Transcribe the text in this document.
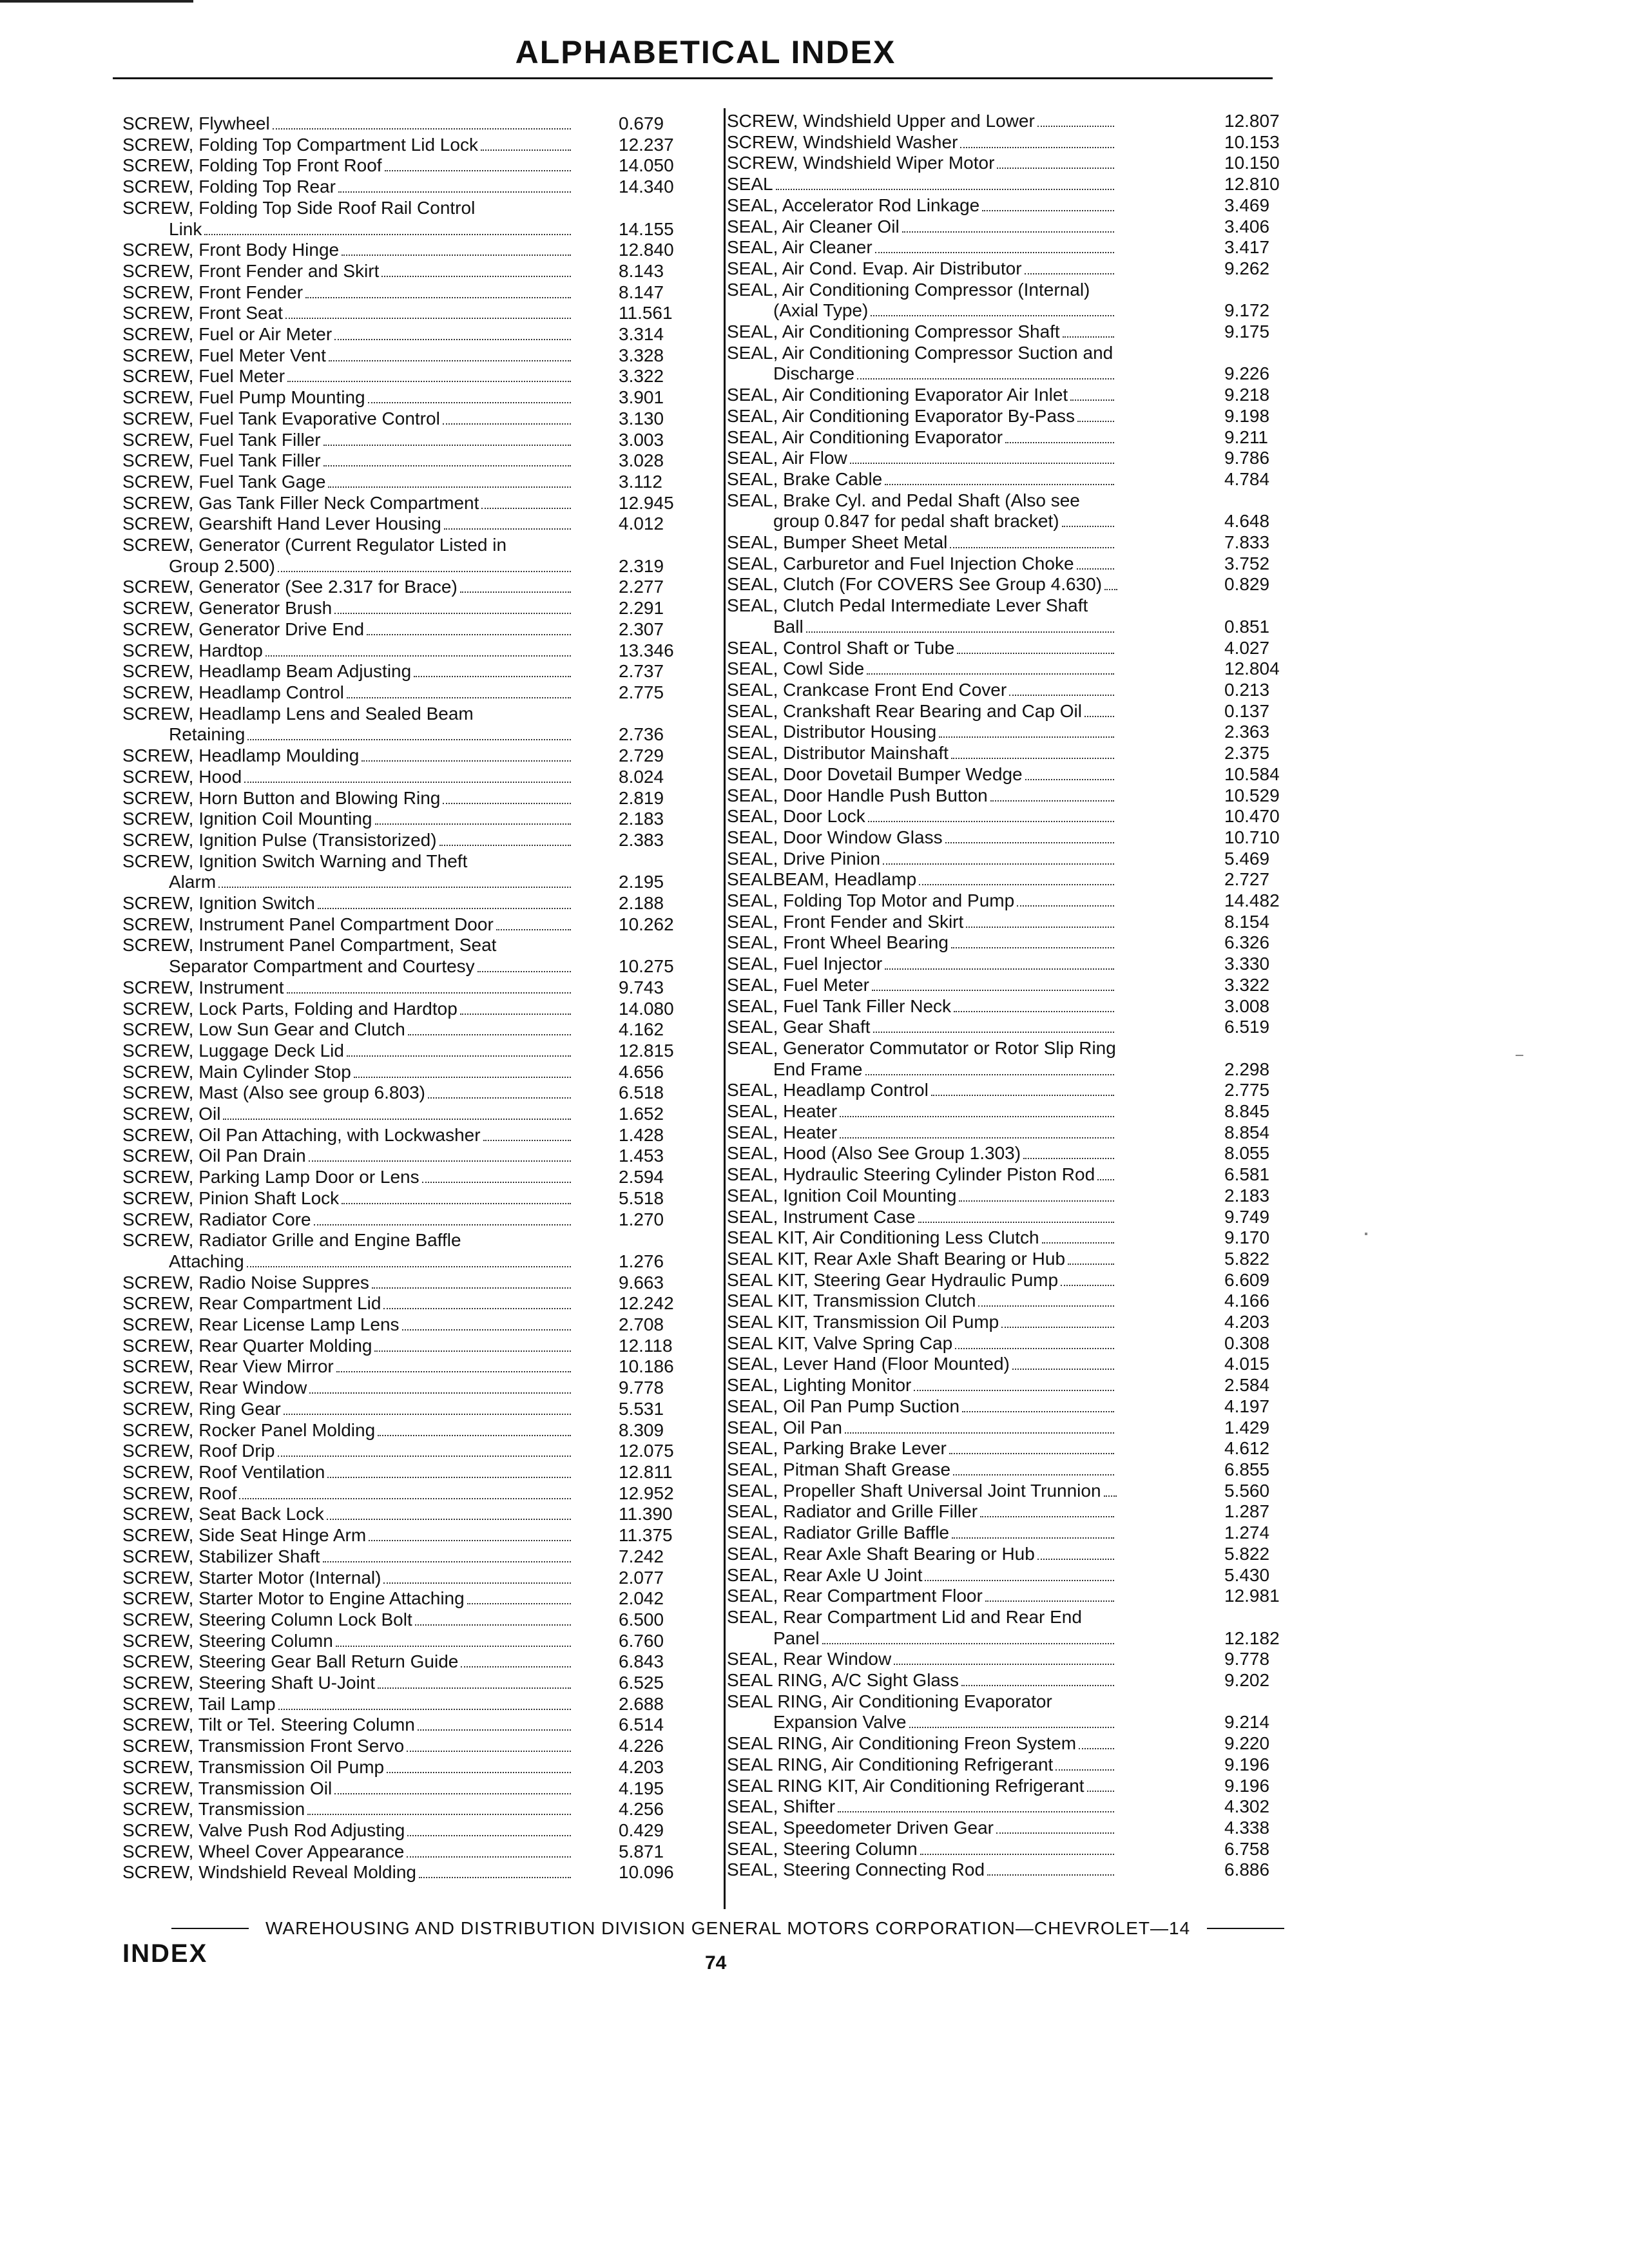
ALPHABETICAL INDEX
SCREW, Flywheel	0.679
SCREW, Folding Top Compartment Lid Lock	12.237
SCREW, Folding Top Front Roof	14.050
SCREW, Folding Top Rear	14.340
SCREW, Folding Top Side Roof Rail Control
Link	14.155
SCREW, Front Body Hinge	12.840
SCREW, Front Fender and Skirt	8.143
SCREW, Front Fender	8.147
SCREW, Front Seat	11.561
SCREW, Fuel or Air Meter	3.314
SCREW, Fuel Meter Vent	3.328
SCREW, Fuel Meter	3.322
SCREW, Fuel Pump Mounting	3.901
SCREW, Fuel Tank Evaporative Control	3.130
SCREW, Fuel Tank Filler	3.003
SCREW, Fuel Tank Filler	3.028
SCREW, Fuel Tank Gage	3.112
SCREW, Gas Tank Filler Neck Compartment	12.945
SCREW, Gearshift Hand Lever Housing	4.012
SCREW, Generator (Current Regulator Listed in
Group 2.500)	2.319
SCREW, Generator (See 2.317 for Brace)	2.277
SCREW, Generator Brush	2.291
SCREW, Generator Drive End	2.307
SCREW, Hardtop	13.346
SCREW, Headlamp Beam Adjusting	2.737
SCREW, Headlamp Control	2.775
SCREW, Headlamp Lens and Sealed Beam
Retaining	2.736
SCREW, Headlamp Moulding	2.729
SCREW, Hood	8.024
SCREW, Horn Button and Blowing Ring	2.819
SCREW, Ignition Coil Mounting	2.183
SCREW, Ignition Pulse (Transistorized)	2.383
SCREW, Ignition Switch Warning and Theft
Alarm	2.195
SCREW, Ignition Switch	2.188
SCREW, Instrument Panel Compartment Door	10.262
SCREW, Instrument Panel Compartment, Seat
Separator Compartment and Courtesy	10.275
SCREW, Instrument	9.743
SCREW, Lock Parts, Folding and Hardtop	14.080
SCREW, Low Sun Gear and Clutch	4.162
SCREW, Luggage Deck Lid	12.815
SCREW, Main Cylinder Stop	4.656
SCREW, Mast (Also see group 6.803)	6.518
SCREW, Oil	1.652
SCREW, Oil Pan Attaching, with Lockwasher	1.428
SCREW, Oil Pan Drain	1.453
SCREW, Parking Lamp Door or Lens	2.594
SCREW, Pinion Shaft Lock	5.518
SCREW, Radiator Core	1.270
SCREW, Radiator Grille and Engine Baffle
Attaching	1.276
SCREW, Radio Noise Suppres	9.663
SCREW, Rear Compartment Lid	12.242
SCREW, Rear License Lamp Lens	2.708
SCREW, Rear Quarter Molding	12.118
SCREW, Rear View Mirror	10.186
SCREW, Rear Window	9.778
SCREW, Ring Gear	5.531
SCREW, Rocker Panel Molding	8.309
SCREW, Roof Drip	12.075
SCREW, Roof Ventilation	12.811
SCREW, Roof	12.952
SCREW, Seat Back Lock	11.390
SCREW, Side Seat Hinge Arm	11.375
SCREW, Stabilizer Shaft	7.242
SCREW, Starter Motor (Internal)	2.077
SCREW, Starter Motor to Engine Attaching	2.042
SCREW, Steering Column Lock Bolt	6.500
SCREW, Steering Column	6.760
SCREW, Steering Gear Ball Return Guide	6.843
SCREW, Steering Shaft U-Joint	6.525
SCREW, Tail Lamp	2.688
SCREW, Tilt or Tel. Steering Column	6.514
SCREW, Transmission Front Servo	4.226
SCREW, Transmission Oil Pump	4.203
SCREW, Transmission Oil	4.195
SCREW, Transmission	4.256
SCREW, Valve Push Rod Adjusting	0.429
SCREW, Wheel Cover Appearance	5.871
SCREW, Windshield Reveal Molding	10.096
SCREW, Windshield Upper and Lower	12.807
SCREW, Windshield Washer	10.153
SCREW, Windshield Wiper Motor	10.150
SEAL	12.810
SEAL, Accelerator Rod Linkage	3.469
SEAL, Air Cleaner Oil	3.406
SEAL, Air Cleaner	3.417
SEAL, Air Cond. Evap. Air Distributor	9.262
SEAL, Air Conditioning Compressor (Internal)
(Axial Type)	9.172
SEAL, Air Conditioning Compressor Shaft	9.175
SEAL, Air Conditioning Compressor Suction and
Discharge	9.226
SEAL, Air Conditioning Evaporator Air Inlet	9.218
SEAL, Air Conditioning Evaporator By-Pass	9.198
SEAL, Air Conditioning Evaporator	9.211
SEAL, Air Flow	9.786
SEAL, Brake Cable	4.784
SEAL, Brake Cyl. and Pedal Shaft (Also see
group 0.847 for pedal shaft bracket)	4.648
SEAL, Bumper Sheet Metal	7.833
SEAL, Carburetor and Fuel Injection Choke	3.752
SEAL, Clutch (For COVERS See Group 4.630)	0.829
SEAL, Clutch Pedal Intermediate Lever Shaft
Ball	0.851
SEAL, Control Shaft or Tube	4.027
SEAL, Cowl Side	12.804
SEAL, Crankcase Front End Cover	0.213
SEAL, Crankshaft Rear Bearing and Cap Oil	0.137
SEAL, Distributor Housing	2.363
SEAL, Distributor Mainshaft	2.375
SEAL, Door Dovetail Bumper Wedge	10.584
SEAL, Door Handle Push Button	10.529
SEAL, Door Lock	10.470
SEAL, Door Window Glass	10.710
SEAL, Drive Pinion	5.469
SEALBEAM, Headlamp	2.727
SEAL, Folding Top Motor and Pump	14.482
SEAL, Front Fender and Skirt	8.154
SEAL, Front Wheel Bearing	6.326
SEAL, Fuel Injector	3.330
SEAL, Fuel Meter	3.322
SEAL, Fuel Tank Filler Neck	3.008
SEAL, Gear Shaft	6.519
SEAL, Generator Commutator or Rotor Slip Ring
End Frame	2.298
SEAL, Headlamp Control	2.775
SEAL, Heater	8.845
SEAL, Heater	8.854
SEAL, Hood (Also See Group 1.303)	8.055
SEAL, Hydraulic Steering Cylinder Piston Rod	6.581
SEAL, Ignition Coil Mounting	2.183
SEAL, Instrument Case	9.749
SEAL KIT, Air Conditioning Less Clutch	9.170
SEAL KIT, Rear Axle Shaft Bearing or Hub	5.822
SEAL KIT, Steering Gear Hydraulic Pump	6.609
SEAL KIT, Transmission Clutch	4.166
SEAL KIT, Transmission Oil Pump	4.203
SEAL KIT, Valve Spring Cap	0.308
SEAL, Lever Hand (Floor Mounted)	4.015
SEAL, Lighting Monitor	2.584
SEAL, Oil Pan Pump Suction	4.197
SEAL, Oil Pan	1.429
SEAL, Parking Brake Lever	4.612
SEAL, Pitman Shaft Grease	6.855
SEAL, Propeller Shaft Universal Joint Trunnion	5.560
SEAL, Radiator and Grille Filler	1.287
SEAL, Radiator Grille Baffle	1.274
SEAL, Rear Axle Shaft Bearing or Hub	5.822
SEAL, Rear Axle U Joint	5.430
SEAL, Rear Compartment Floor	12.981
SEAL, Rear Compartment Lid and Rear End
Panel	12.182
SEAL, Rear Window	9.778
SEAL RING, A/C Sight Glass	9.202
SEAL RING, Air Conditioning Evaporator
Expansion Valve	9.214
SEAL RING, Air Conditioning Freon System	9.220
SEAL RING, Air Conditioning Refrigerant	9.196
SEAL RING KIT, Air Conditioning Refrigerant	9.196
SEAL, Shifter	4.302
SEAL, Speedometer Driven Gear	4.338
SEAL, Steering Column	6.758
SEAL, Steering Connecting Rod	6.886
WAREHOUSING AND DISTRIBUTION DIVISION GENERAL MOTORS CORPORATION—CHEVROLET—14
INDEX	74
